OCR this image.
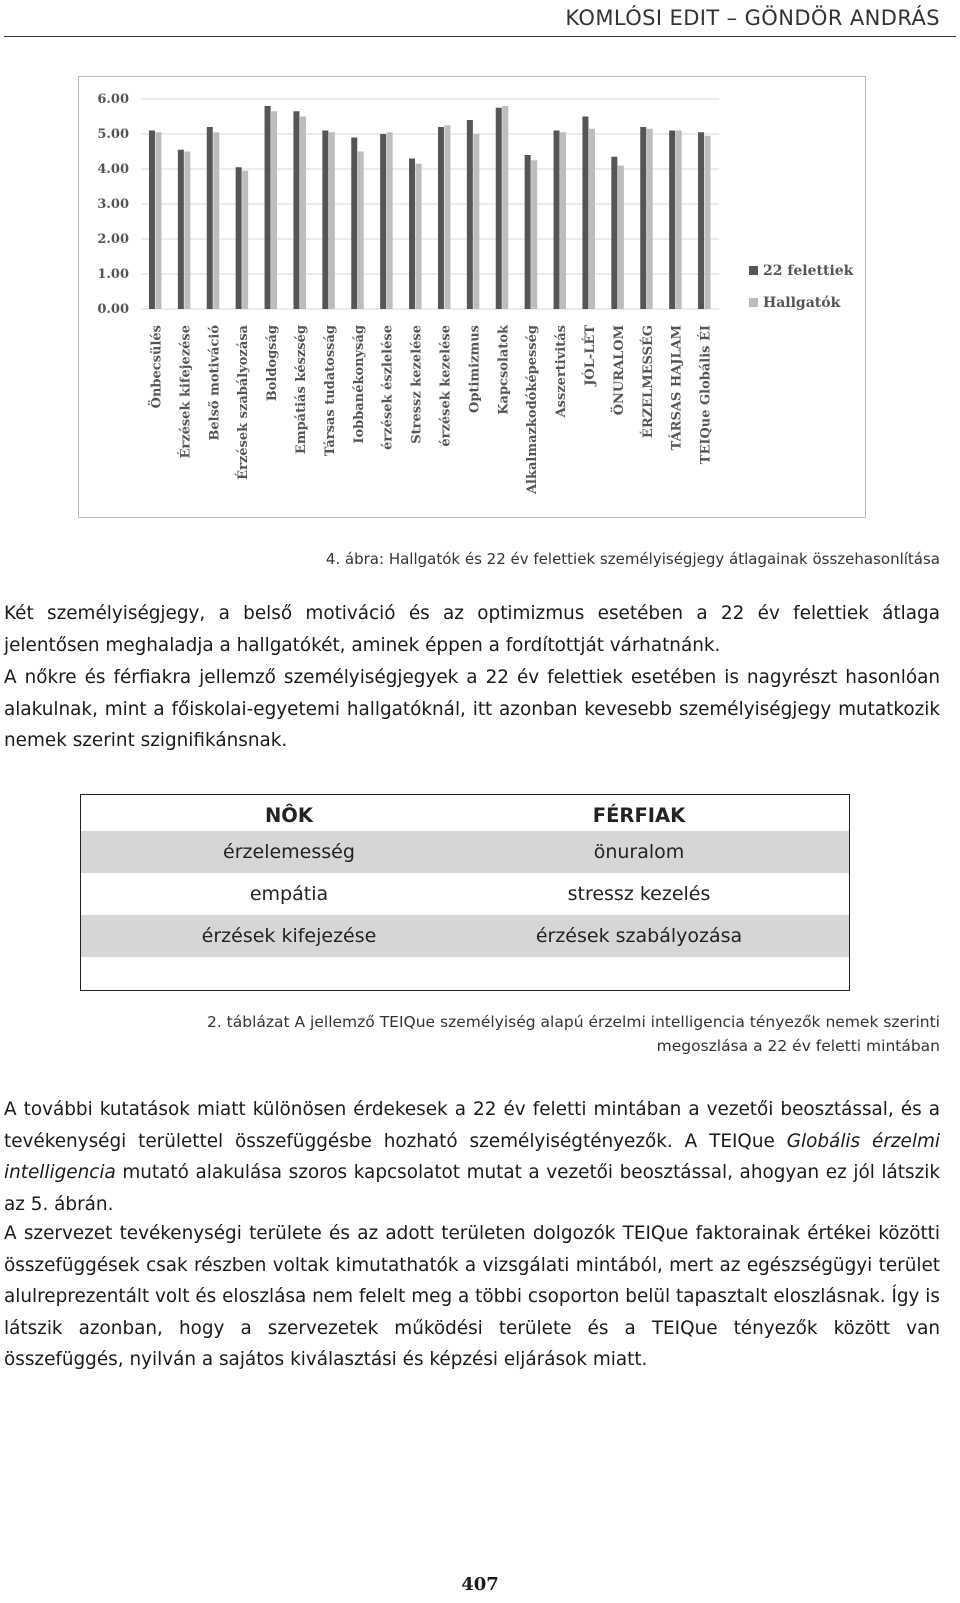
KOMLÓSI EDIT – GÖNDÖR ANDRÁS
0.00
1.00
2.00
3.00
4.00
5.00
6.00
Önbecsülés Érzések kifejezése Belső motiváció Érzések szabályozása Boldogság Empátiás készség Társas tudatosság Iobbanékonyság érzések észlelése Stressz kezelése érzések kezelése Optimizmus Kapcsolatok Alkalmazkodóképesség Asszertivitás JÓL-LÉT ÖNURALOM ÉRZELMESSÉG TÁRSAS HAJLAM TEIQue Globális ÉI
22 felettiek
Hallgatók
4. ábra: Hallgatók és 22 év felettiek személyiségjegy átlagainak összehasonlítása

Két személyiségjegy, a belső motiváció és az optimizmus esetében a 22 év felettiek átlaga jelentősen meghaladja a hallgatókét, aminek éppen a fordítottját várhatnánk.

A nőkre és férfiakra jellemző személyiségjegyek a 22 év felettiek esetében is nagyrészt hasonlóan alakulnak, mint a főiskolai-egyetemi hallgatóknál, itt azonban kevesebb személyiségjegy mutatkozik nemek szerint szignifikánsnak.

NÔK	FÉRFIAK
érzelemesség	önuralom
empátia	stressz kezelés
érzések kifejezése	érzések szabályozása
2. táblázat A jellemző TEIQue személyiség alapú érzelmi intelligencia tényezők nemek szerinti megoszlása a 22 év feletti mintában

A további kutatások miatt különösen érdekesek a 22 év feletti mintában a vezetői beosztással, és a tevékenységi területtel összefüggésbe hozható személyiségtényezők. A TEIQue Globális érzelmi intelligencia mutató alakulása szoros kapcsolatot mutat a vezetői beosztással, ahogyan ez jól látszik az 5. ábrán.

A szervezet tevékenységi területe és az adott területen dolgozók TEIQue faktorainak értékei közötti összefüggések csak részben voltak kimutathatók a vizsgálati mintából, mert az egészségügyi terület alulreprezentált volt és eloszlása nem felelt meg a többi csoporton belül tapasztalt eloszlásnak. Így is látszik azonban, hogy a szervezetek működési területe és a TEIQue tényezők között van összefüggés, nyilván a sajátos kiválasztási és képzési eljárások miatt.

407
